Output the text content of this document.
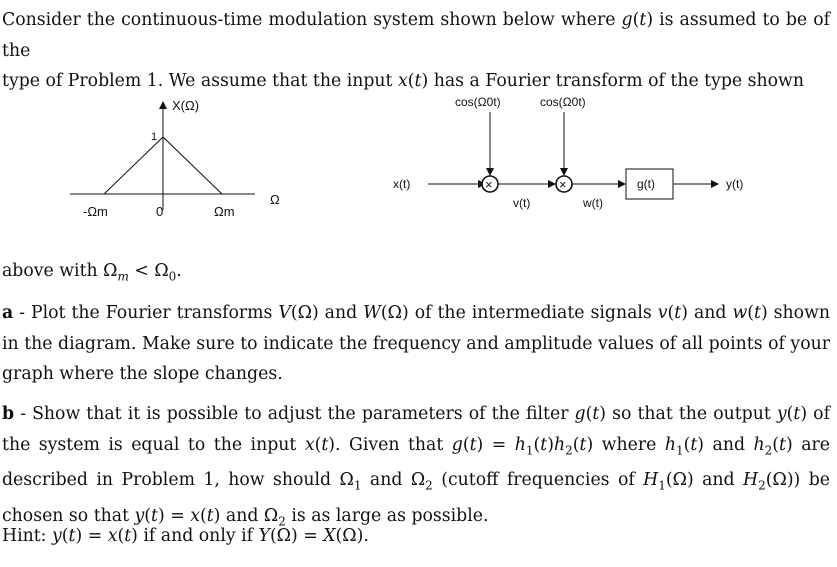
Consider the continuous-time modulation system shown below where g(t) is assumed to be of the
type of Problem 1. We assume that the input x(t) has a Fourier transform of the type shown
X(Ω)
1
0
-Ωm	Ωm
Ω
x(t)
cos(Ω0t)
×
v(t)
cos(Ω0t)
×
w(t)
g(t)	y(t)
above with $\Omega_m < \Omega_0$.
a - Plot the Fourier transforms V(Ω) and W(Ω) of the intermediate signals v(t) and w(t) shown in the diagram. Make sure to indicate the frequency and amplitude values of all points of your graph where the slope changes.
b - Show that it is possible to adjust the parameters of the filter g(t) so that the output y(t) of the system is equal to the input x(t). Given that $g(t) = h_1(t)h_2(t)$ where $h_1(t)$ and $h_2(t)$ are described in Problem 1, how should $\Omega_1$ and $\Omega_2$ (cutoff frequencies of $H_1(\Omega)$ and $H_2(\Omega)$) be chosen so that y(t) = x(t) and $\Omega_2$ is as large as possible.
Hint: y(t) = x(t) if and only if Y(Ω) = X(Ω).
